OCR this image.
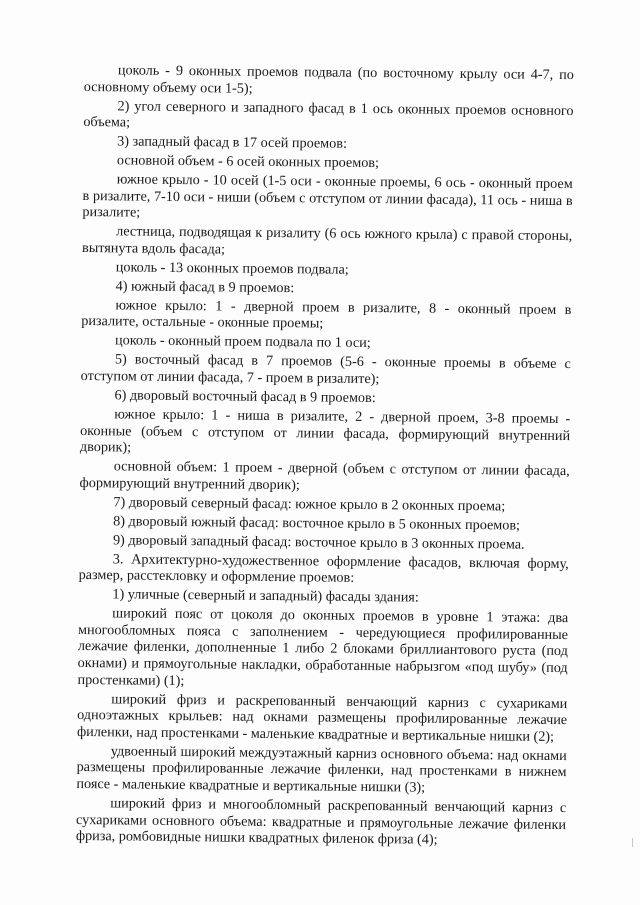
цоколь - 9 оконных проемов подвала (по восточному крылу оси 4-7, по основному объему оси 1-5);

2) угол северного и западного фасад в 1 ось оконных проемов основного объема;

3) западный фасад в 17 осей проемов:

основной объем - 6 осей оконных проемов;

южное крыло - 10 осей (1-5 оси - оконные проемы, 6 ось - оконный проем в ризалите, 7-10 оси - ниши (объем с отступом от линии фасада), 11 ось - ниша в ризалите;

лестница, подводящая к ризалиту (6 ось южного крыла) с правой стороны, вытянута вдоль фасада;

цоколь - 13 оконных проемов подвала;

4) южный фасад в 9 проемов:

южное крыло: 1 - дверной проем в ризалите, 8 - оконный проем в ризалите, остальные - оконные проемы;

цоколь - оконный проем подвала по 1 оси;

5) восточный фасад в 7 проемов (5-6 - оконные проемы в объеме с отступом от линии фасада, 7 - проем в ризалите);

6) дворовый восточный фасад в 9 проемов:

южное крыло: 1 - ниша в ризалите, 2 - дверной проем, 3-8 проемы - оконные (объем с отступом от линии фасада, формирующий внутренний дворик);

основной объем: 1 проем - дверной (объем с отступом от линии фасада, формирующий внутренний дворик);

7) дворовый северный фасад: южное крыло в 2 оконных проема;

8) дворовый южный фасад: восточное крыло в 5 оконных проемов;

9) дворовый западный фасад: восточное крыло в 3 оконных проема.

3. Архитектурно-художественное оформление фасадов, включая форму, размер, расстекловку и оформление проемов:

1) уличные (северный и западный) фасады здания:

широкий пояс от цоколя до оконных проемов в уровне 1 этажа: два многообломных пояса с заполнением - чередующиеся профилированные лежачие филенки, дополненные 1 либо 2 блоками бриллиантового руста (под окнами) и прямоугольные накладки, обработанные набрызгом «под шубу» (под простенками) (1);

широкий фриз и раскрепованный венчающий карниз с сухариками одноэтажных крыльев: над окнами размещены профилированные лежачие филенки, над простенками - маленькие квадратные и вертикальные нишки (2);

удвоенный широкий междуэтажный карниз основного объема: над окнами размещены профилированные лежачие филенки, над простенками в нижнем поясе - маленькие квадратные и вертикальные нишки (3);

широкий фриз и многообломный раскрепованный венчающий карниз с сухариками основного объема: квадратные и прямоугольные лежачие филенки фриза, ромбовидные нишки квадратных филенок фриза (4);
